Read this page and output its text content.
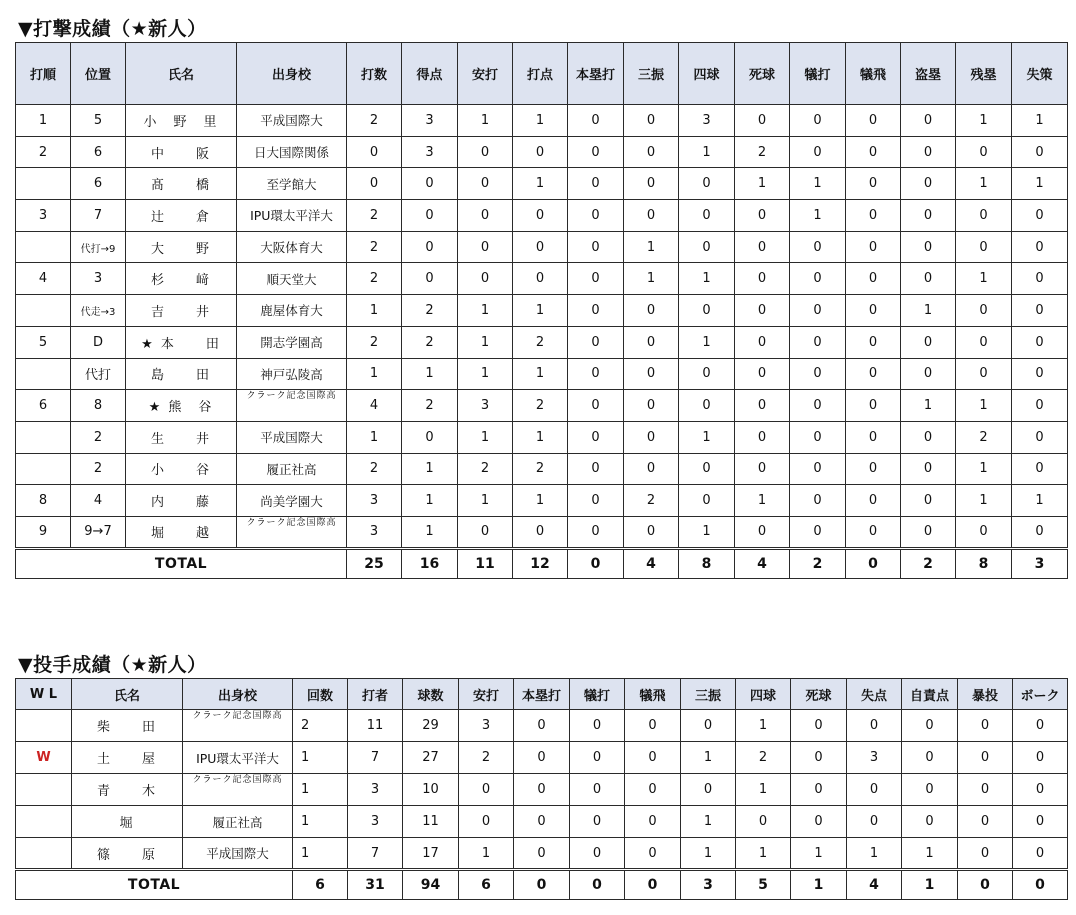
▼打撃成績（★新人）
打順	位置	氏名	出身校	打数	得点	安打	打点	本塁打	三振	四球	死球	犠打	犠飛	盗塁	残塁	失策
1	5	小　野　里	平成国際大	2	3	1	1	0	0	3	0	0	0	0	1	1
2	6	中　　阪	日大国際関係	0	3	0	0	0	0	1	2	0	0	0	0	0
	6	髙　　橋	至学館大	0	0	0	1	0	0	0	1	1	0	0	1	1
3	7	辻　　倉	IPU環太平洋大	2	0	0	0	0	0	0	0	1	0	0	0	0
	代打→9	大　　野	大阪体育大	2	0	0	0	0	1	0	0	0	0	0	0	0
4	3	杉　　﨑	順天堂大	2	0	0	0	0	1	1	0	0	0	0	1	0
	代走→3	吉　　井	鹿屋体育大	1	2	1	1	0	0	0	0	0	0	1	0	0
5	D	★ 本　　田	開志学園高	2	2	1	2	0	0	1	0	0	0	0	0	0
	代打	島　　田	神戸弘陵高	1	1	1	1	0	0	0	0	0	0	0	0	0
6	8	★ 熊　谷	クラーク記念国際高	4	2	3	2	0	0	0	0	0	0	1	1	0
	2	生　　井	平成国際大	1	0	1	1	0	0	1	0	0	0	0	2	0
	2	小　　谷	履正社高	2	1	2	2	0	0	0	0	0	0	0	1	0
8	4	内　　藤	尚美学園大	3	1	1	1	0	2	0	1	0	0	0	1	1
9	9→7	堀　　越	クラーク記念国際高	3	1	0	0	0	0	1	0	0	0	0	0	0
TOTAL				25	16	11	12	0	4	8	4	2	0	2	8	3
▼投手成績（★新人）
W L	氏名	出身校	回数	打者	球数	安打	本塁打	犠打	犠飛	三振	四球	死球	失点	自責点	暴投	ボーク
	柴　　田	クラーク記念国際高	2	11	29	3	0	0	0	0	1	0	0	0	0	0
W	土　　屋	IPU環太平洋大	1	7	27	2	0	0	0	1	2	0	3	0	0	0
	青　　木	クラーク記念国際高	1	3	10	0	0	0	0	0	1	0	0	0	0	0
	堀	履正社高	1	3	11	0	0	0	0	1	0	0	0	0	0	0
	篠　　原	平成国際大	1	7	17	1	0	0	0	1	1	1	1	1	0	0
TOTAL			6	31	94	6	0	0	0	3	5	1	4	1	0	0
